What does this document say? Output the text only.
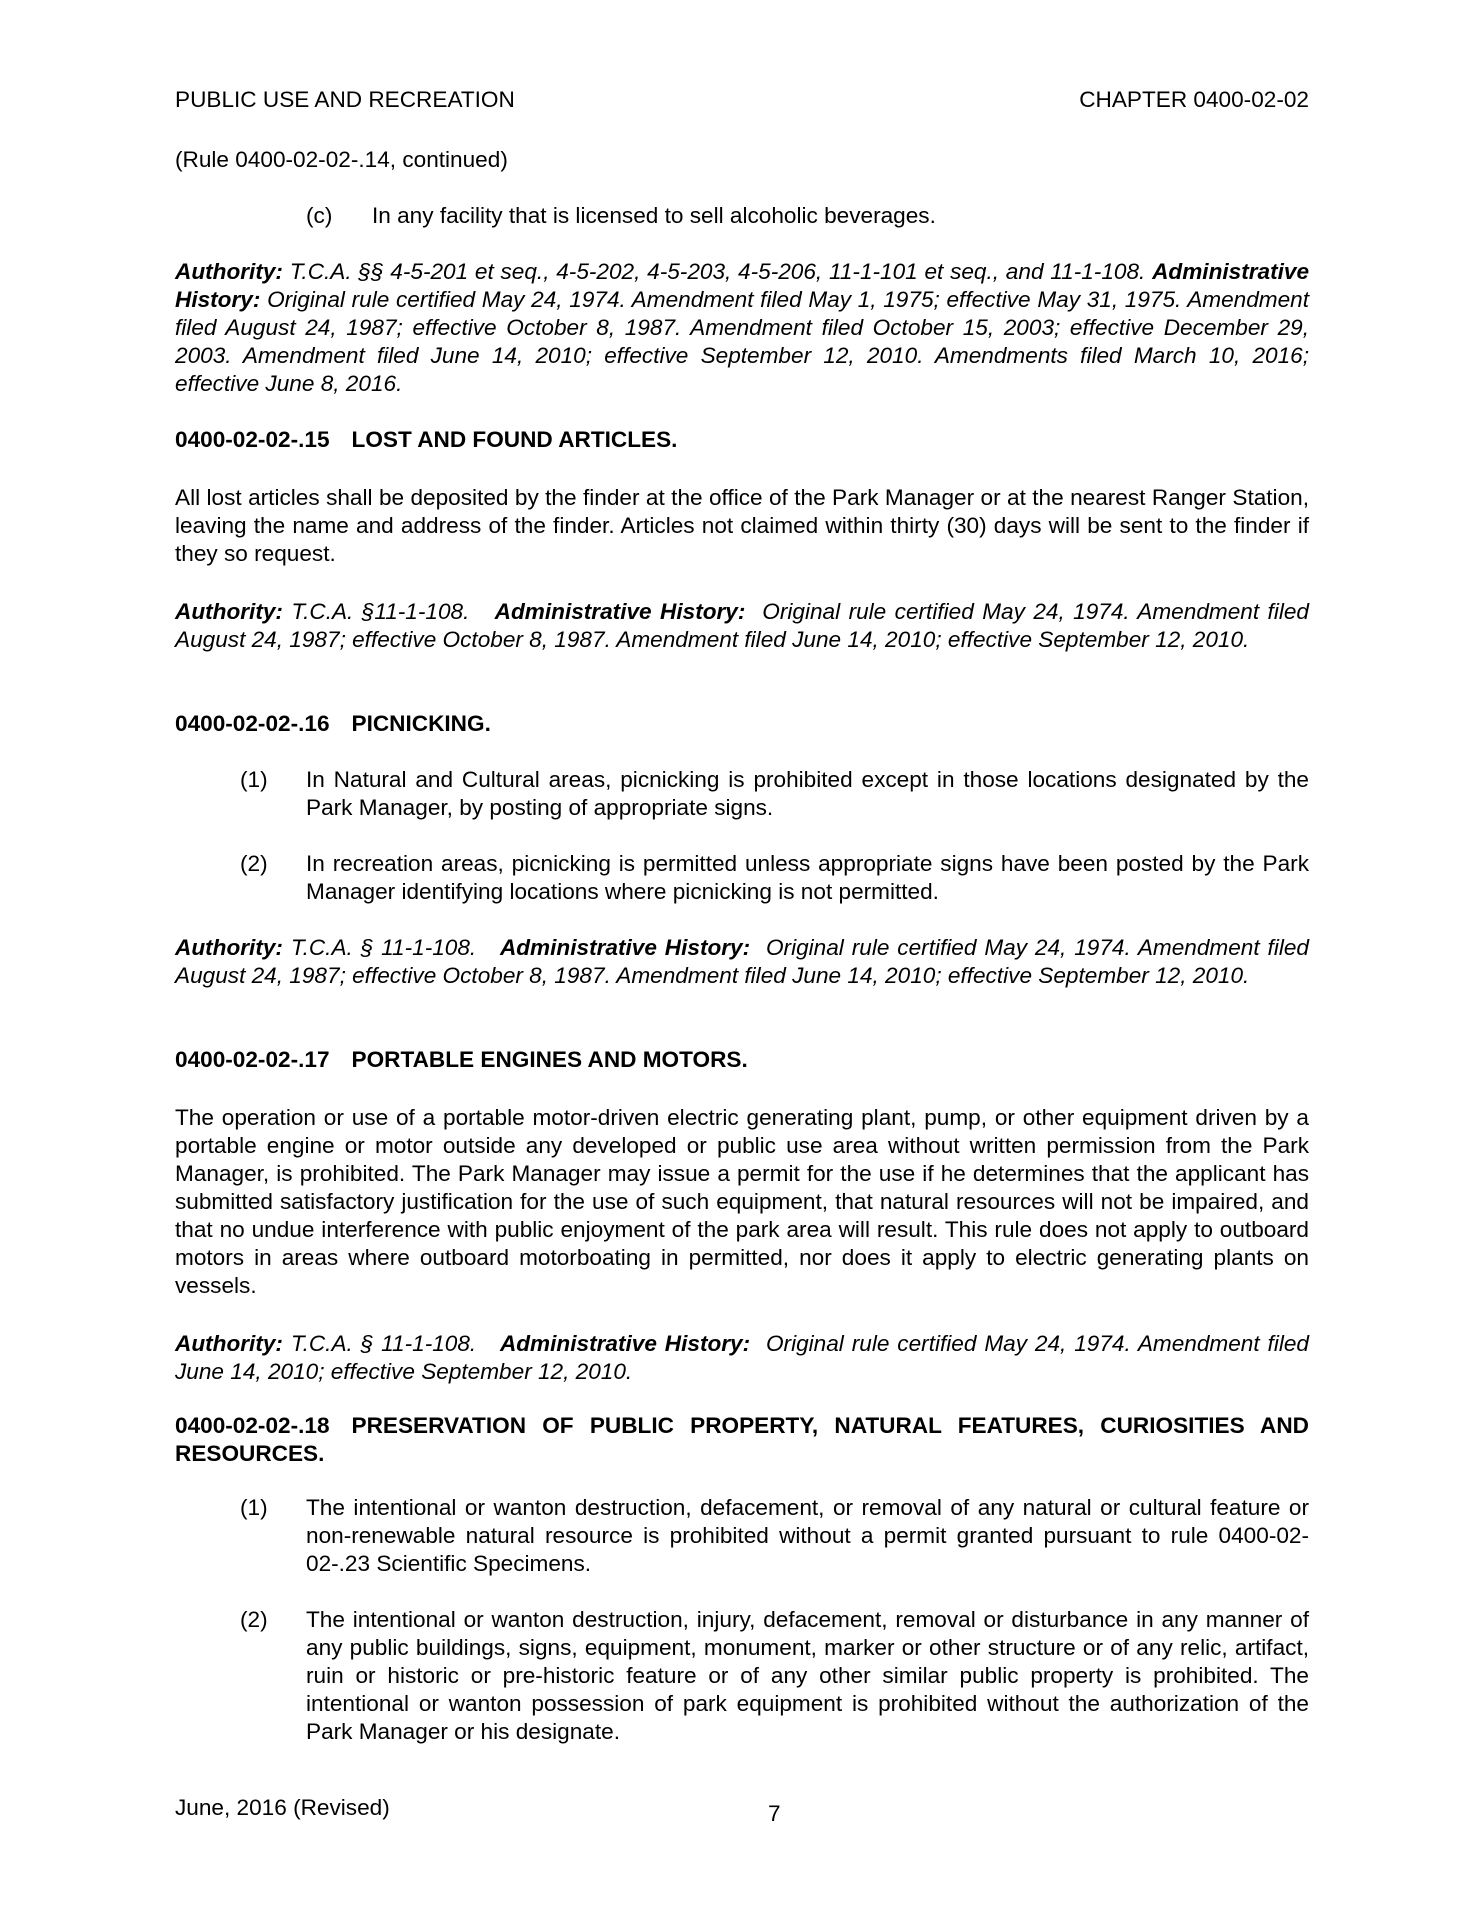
PUBLIC USE AND RECREATION	CHAPTER 0400-02-02
(Rule 0400-02-02-.14, continued)
(c) In any facility that is licensed to sell alcoholic beverages.
Authority: T.C.A. §§ 4-5-201 et seq., 4-5-202, 4-5-203, 4-5-206, 11-1-101 et seq., and 11-1-108. Administrative History: Original rule certified May 24, 1974. Amendment filed May 1, 1975; effective May 31, 1975. Amendment filed August 24, 1987; effective October 8, 1987. Amendment filed October 15, 2003; effective December 29, 2003. Amendment filed June 14, 2010; effective September 12, 2010. Amendments filed March 10, 2016; effective June 8, 2016.
0400-02-02-.15 LOST AND FOUND ARTICLES.
All lost articles shall be deposited by the finder at the office of the Park Manager or at the nearest Ranger Station, leaving the name and address of the finder. Articles not claimed within thirty (30) days will be sent to the finder if they so request.
Authority: T.C.A. §11-1-108. Administrative History: Original rule certified May 24, 1974. Amendment filed August 24, 1987; effective October 8, 1987. Amendment filed June 14, 2010; effective September 12, 2010.
0400-02-02-.16 PICNICKING.
(1) In Natural and Cultural areas, picnicking is prohibited except in those locations designated by the Park Manager, by posting of appropriate signs.
(2) In recreation areas, picnicking is permitted unless appropriate signs have been posted by the Park Manager identifying locations where picnicking is not permitted.
Authority: T.C.A. § 11-1-108. Administrative History: Original rule certified May 24, 1974. Amendment filed August 24, 1987; effective October 8, 1987. Amendment filed June 14, 2010; effective September 12, 2010.
0400-02-02-.17 PORTABLE ENGINES AND MOTORS.
The operation or use of a portable motor-driven electric generating plant, pump, or other equipment driven by a portable engine or motor outside any developed or public use area without written permission from the Park Manager, is prohibited. The Park Manager may issue a permit for the use if he determines that the applicant has submitted satisfactory justification for the use of such equipment, that natural resources will not be impaired, and that no undue interference with public enjoyment of the park area will result. This rule does not apply to outboard motors in areas where outboard motorboating in permitted, nor does it apply to electric generating plants on vessels.
Authority: T.C.A. § 11-1-108. Administrative History: Original rule certified May 24, 1974. Amendment filed June 14, 2010; effective September 12, 2010.
0400-02-02-.18 PRESERVATION OF PUBLIC PROPERTY, NATURAL FEATURES, CURIOSITIES AND RESOURCES.
(1) The intentional or wanton destruction, defacement, or removal of any natural or cultural feature or non-renewable natural resource is prohibited without a permit granted pursuant to rule 0400-02-02-.23 Scientific Specimens.
(2) The intentional or wanton destruction, injury, defacement, removal or disturbance in any manner of any public buildings, signs, equipment, monument, marker or other structure or of any relic, artifact, ruin or historic or pre-historic feature or of any other similar public property is prohibited. The intentional or wanton possession of park equipment is prohibited without the authorization of the Park Manager or his designate.
June, 2016 (Revised)	7
